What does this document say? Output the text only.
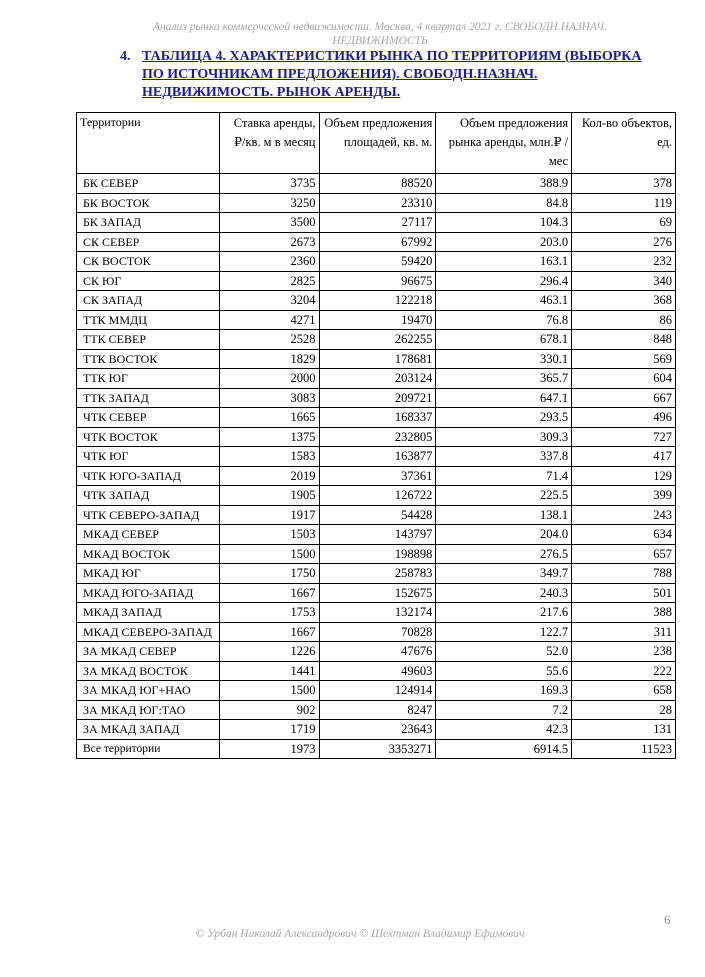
Анализ рынка коммерческой недвижимости. Москва, 4 квартал 2021 г. СВОБОДН.НАЗНАЧ.
НЕДВИЖИМОСТЬ
4. ТАБЛИЦА 4. ХАРАКТЕРИСТИКИ РЫНКА ПО ТЕРРИТОРИЯМ (ВЫБОРКА ПО ИСТОЧНИКАМ ПРЕДЛОЖЕНИЯ). СВОБОДН.НАЗНАЧ. НЕДВИЖИМОСТЬ. РЫНОК АРЕНДЫ.
Территории	Ставка аренды, ₽/кв. м в месяц	Объем предложения площадей, кв. м.	Объем предложения рынка аренды, млн.₽ /мес	Кол-во объектов, ед.
БК СЕВЕР	3735	88520	388.9	378
БК ВОСТОК	3250	23310	84.8	119
БК ЗАПАД	3500	27117	104.3	69
СК СЕВЕР	2673	67992	203.0	276
СК ВОСТОК	2360	59420	163.1	232
СК ЮГ	2825	96675	296.4	340
СК ЗАПАД	3204	122218	463.1	368
ТТК ММДЦ	4271	19470	76.8	86
ТТК СЕВЕР	2528	262255	678.1	848
ТТК ВОСТОК	1829	178681	330.1	569
ТТК ЮГ	2000	203124	365.7	604
ТТК ЗАПАД	3083	209721	647.1	667
ЧТК СЕВЕР	1665	168337	293.5	496
ЧТК ВОСТОК	1375	232805	309.3	727
ЧТК ЮГ	1583	163877	337.8	417
ЧТК ЮГО-ЗАПАД	2019	37361	71.4	129
ЧТК ЗАПАД	1905	126722	225.5	399
ЧТК СЕВЕРО-ЗАПАД	1917	54428	138.1	243
МКАД СЕВЕР	1503	143797	204.0	634
МКАД ВОСТОК	1500	198898	276.5	657
МКАД ЮГ	1750	258783	349.7	788
МКАД ЮГО-ЗАПАД	1667	152675	240.3	501
МКАД ЗАПАД	1753	132174	217.6	388
МКАД СЕВЕРО-ЗАПАД	1667	70828	122.7	311
ЗА МКАД СЕВЕР	1226	47676	52.0	238
ЗА МКАД ВОСТОК	1441	49603	55.6	222
ЗА МКАД ЮГ+НАО	1500	124914	169.3	658
ЗА МКАД ЮГ:ТАО	902	8247	7.2	28
ЗА МКАД ЗАПАД	1719	23643	42.3	131
Все территории	1973	3353271	6914.5	11523
6
© Урбан Николай Александрович © Шехтман Владимир Ефимович
